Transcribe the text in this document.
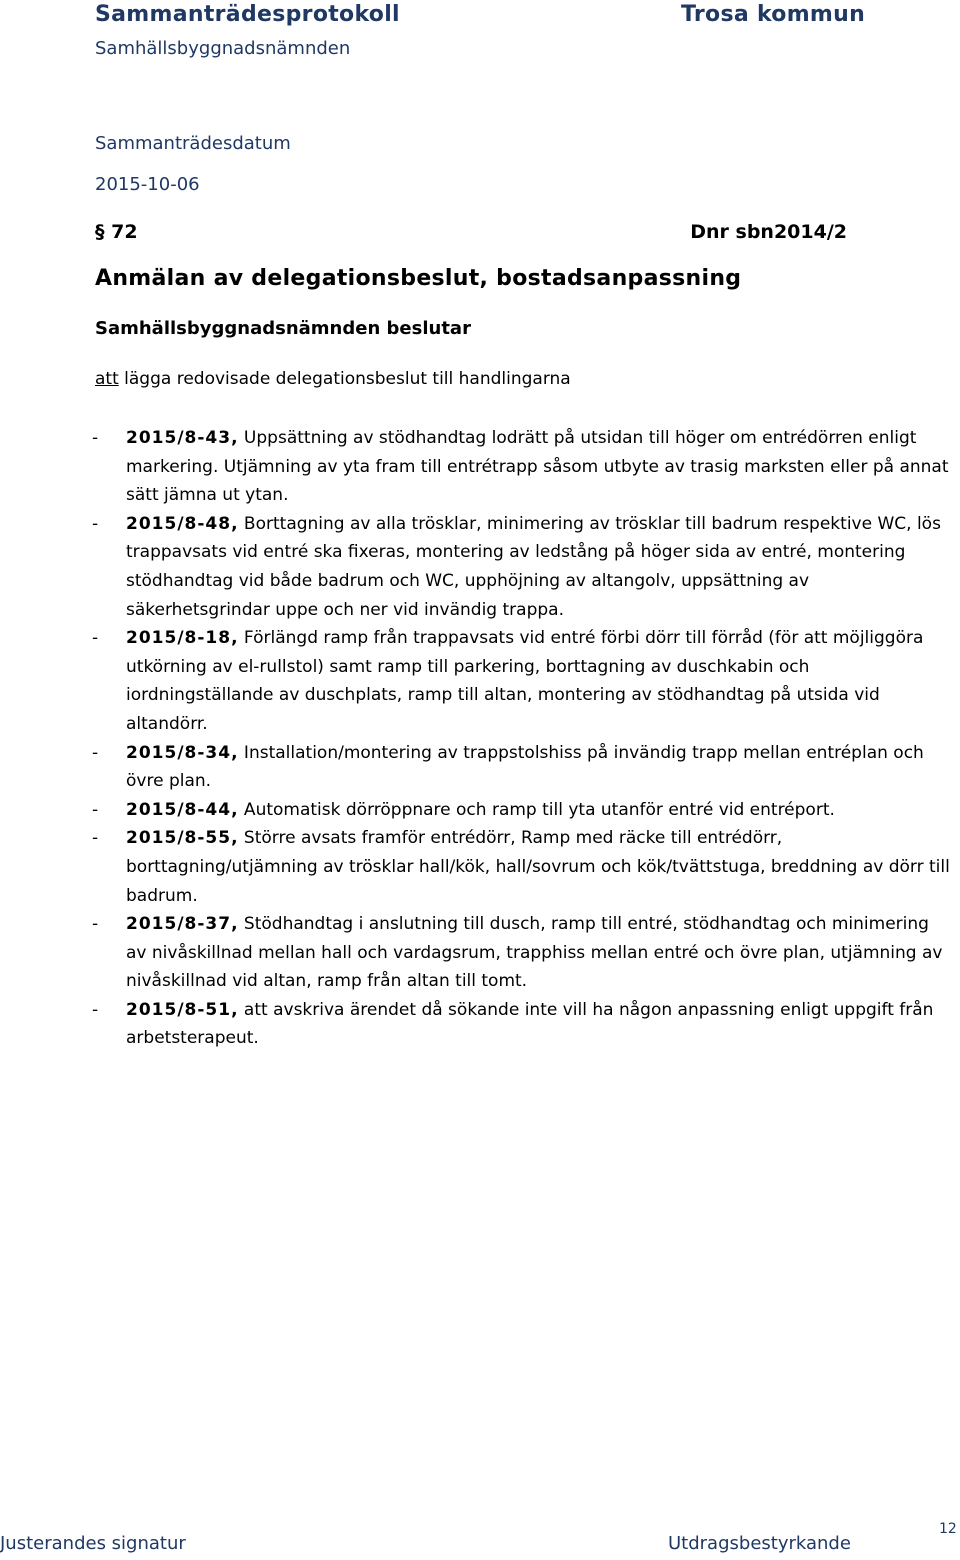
Sammanträdesprotokoll
Samhällsbyggnadsnämnden
Trosa kommun
Sammanträdesdatum
2015-10-06
§ 72	Dnr sbn2014/2
Anmälan av delegationsbeslut, bostadsanpassning
Samhällsbyggnadsnämnden beslutar
att lägga redovisade delegationsbeslut till handlingarna
- 2015/8-43, Uppsättning av stödhandtag lodrätt på utsidan till höger om entrédörren enligt markering. Utjämning av yta fram till entrétrapp såsom utbyte av trasig marksten eller på annat sätt jämna ut ytan.
- 2015/8-48, Borttagning av alla trösklar, minimering av trösklar till badrum respektive WC, lös trappavsats vid entré ska fixeras, montering av ledstång på höger sida av entré, montering stödhandtag vid både badrum och WC, upphöjning av altangolv, uppsättning av säkerhetsgrindar uppe och ner vid invändig trappa.
- 2015/8-18, Förlängd ramp från trappavsats vid entré förbi dörr till förråd (för att möjliggöra utkörning av el-rullstol) samt ramp till parkering, borttagning av duschkabin och iordningställande av duschplats, ramp till altan, montering av stödhandtag på utsida vid altandörr.
- 2015/8-34, Installation/montering av trappstolshiss på invändig trapp mellan entréplan och övre plan.
- 2015/8-44, Automatisk dörröppnare och ramp till yta utanför entré vid entréport.
- 2015/8-55, Större avsats framför entrédörr, Ramp med räcke till entrédörr, borttagning/utjämning av trösklar hall/kök, hall/sovrum och kök/tvättstuga, breddning av dörr till badrum.
- 2015/8-37, Stödhandtag i anslutning till dusch, ramp till entré, stödhandtag och minimering av nivåskillnad mellan hall och vardagsrum, trapphiss mellan entré och övre plan, utjämning av nivåskillnad vid altan, ramp från altan till tomt.
- 2015/8-51, att avskriva ärendet då sökande inte vill ha någon anpassning enligt uppgift från arbetsterapeut.
Justerandes signatur	Utdragsbestyrkande
12
